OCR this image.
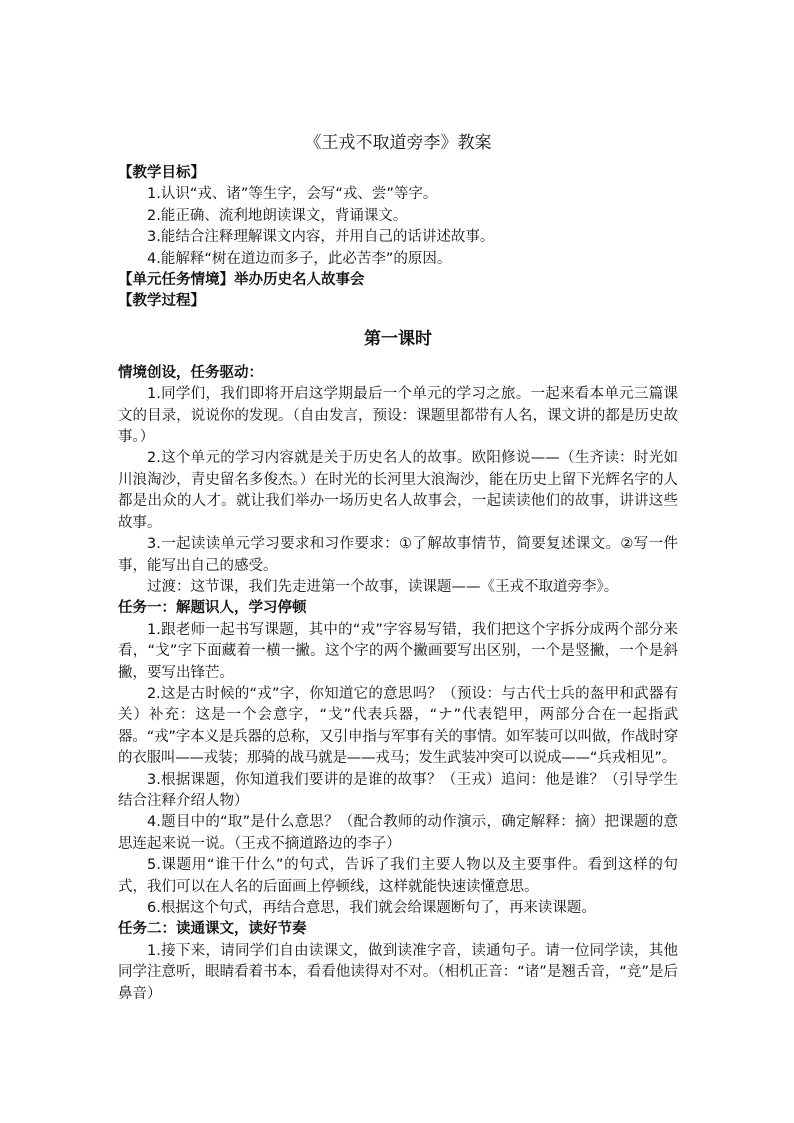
《王戎不取道旁李》教案
【教学目标】
1.认识“戎、诸”等生字，会写“戎、尝”等字。
2.能正确、流利地朗读课文，背诵课文。
3.能结合注释理解课文内容，并用自己的话讲述故事。
4.能解释“树在道边而多子，此必苦李”的原因。
【单元任务情境】举办历史名人故事会
【教学过程】
第一课时
情境创设，任务驱动：
1.同学们，我们即将开启这学期最后一个单元的学习之旅。一起来看本单元三篇课文的目录，说说你的发现。（自由发言，预设：课题里都带有人名，课文讲的都是历史故事。）
2.这个单元的学习内容就是关于历史名人的故事。欧阳修说——（生齐读：时光如川浪淘沙，青史留名多俊杰。）在时光的长河里大浪淘沙，能在历史上留下光辉名字的人都是出众的人才。就让我们举办一场历史名人故事会，一起读读他们的故事，讲讲这些故事。
3.一起读读单元学习要求和习作要求：①了解故事情节，简要复述课文。②写一件事，能写出自己的感受。
过渡：这节课，我们先走进第一个故事，读课题——《王戎不取道旁李》。
任务一：解题识人，学习停顿
1.跟老师一起书写课题，其中的“戎”字容易写错，我们把这个字拆分成两个部分来看，“戈”字下面藏着一横一撇。这个字的两个撇画要写出区别，一个是竖撇，一个是斜撇，要写出锋芒。
2.这是古时候的“戎”字，你知道它的意思吗？（预设：与古代士兵的盔甲和武器有关）补充：这是一个会意字，“戈”代表兵器，“ナ”代表铠甲，两部分合在一起指武器。“戎”字本义是兵器的总称，又引申指与军事有关的事情。如军装可以叫做，作战时穿的衣服叫——戎装；那骑的战马就是——戎马；发生武装冲突可以说成——“兵戎相见”。
3.根据课题，你知道我们要讲的是谁的故事？（王戎）追问：他是谁？（引导学生结合注释介绍人物）
4.题目中的“取”是什么意思？（配合教师的动作演示，确定解释：摘）把课题的意思连起来说一说。（王戎不摘道路边的李子）
5.课题用“谁干什么”的句式，告诉了我们主要人物以及主要事件。看到这样的句式，我们可以在人名的后面画上停顿线，这样就能快速读懂意思。
6.根据这个句式，再结合意思，我们就会给课题断句了，再来读课题。
任务二：读通课文，读好节奏
1.接下来，请同学们自由读课文，做到读准字音，读通句子。请一位同学读，其他同学注意听，眼睛看着书本，看看他读得对不对。（相机正音：“诸”是翘舌音，“竞”是后鼻音）
